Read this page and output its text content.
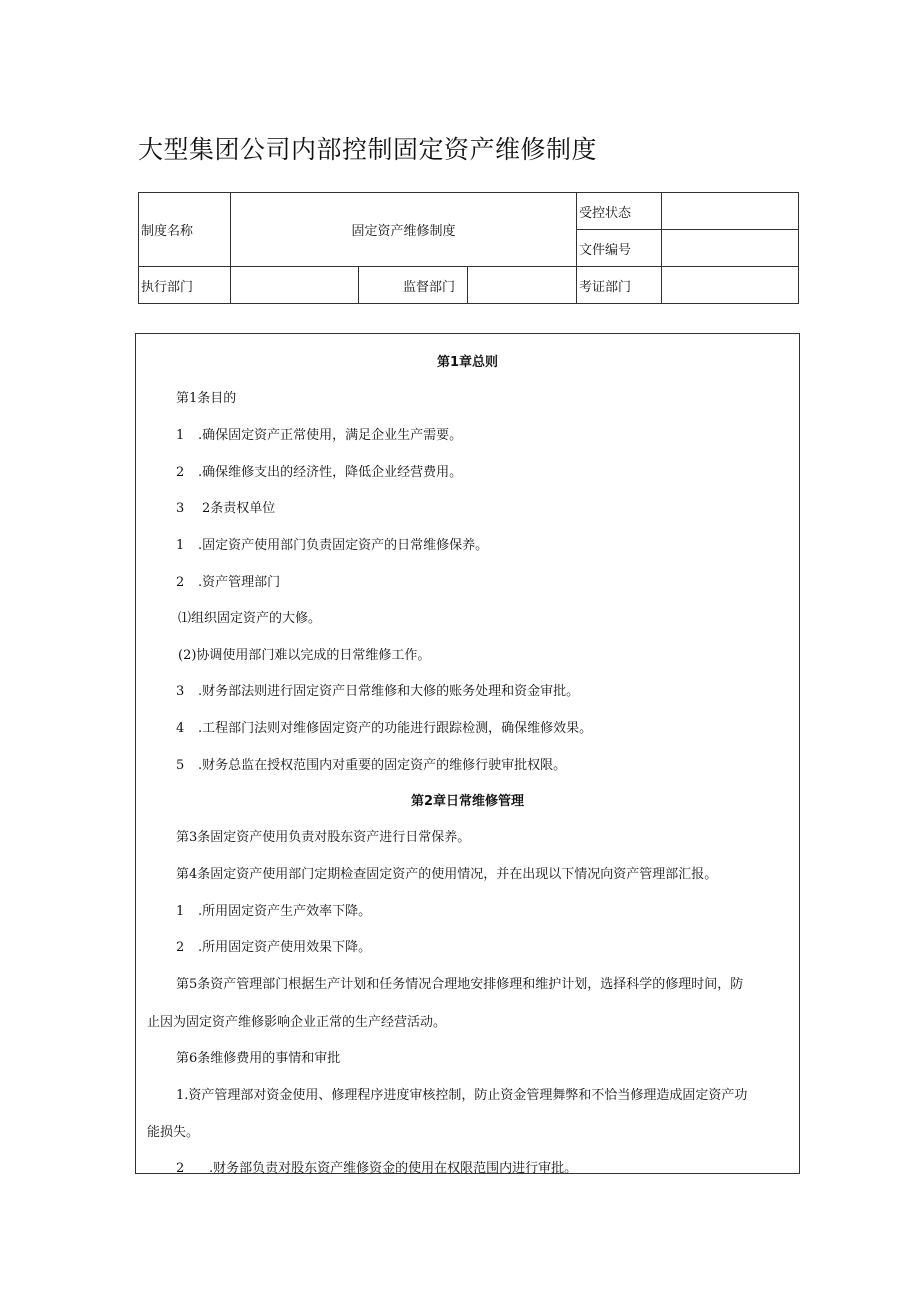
大型集团公司内部控制固定资产维修制度
制度名称	固定资产维修制度			受控状态	
				文件编号	
执行部门		监督部门		考证部门	
第1章总则
第1条目的
1 .确保固定资产正常使用，满足企业生产需要。
2 .确保维修支出的经济性，降低企业经营费用。
3 2条责权单位
1 .固定资产使用部门负责固定资产的日常维修保养。
2 .资产管理部门
⑴组织固定资产的大修。
(2)协调使用部门难以完成的日常维修工作。
3 .财务部法则进行固定资产日常维修和大修的账务处理和资金审批。
4 .工程部门法则对维修固定资产的功能进行跟踪检测，确保维修效果。
5 .财务总监在授权范围内对重要的固定资产的维修行驶审批权限。
第2章日常维修管理
第3条固定资产使用负责对股东资产进行日常保养。
第4条固定资产使用部门定期检查固定资产的使用情况，并在出现以下情况向资产管理部汇报。
1 .所用固定资产生产效率下降。
2 .所用固定资产使用效果下降。
第5条资产管理部门根据生产计划和任务情况合理地安排修理和维护计划，选择科学的修理时间，防
止因为固定资产维修影响企业正常的生产经营活动。
第6条维修费用的事情和审批
1.资产管理部对资金使用、修理程序进度审核控制，防止资金管理舞弊和不恰当修理造成固定资产功
能损失。
2 .财务部负责对股东资产维修资金的使用在权限范围内进行审批。
